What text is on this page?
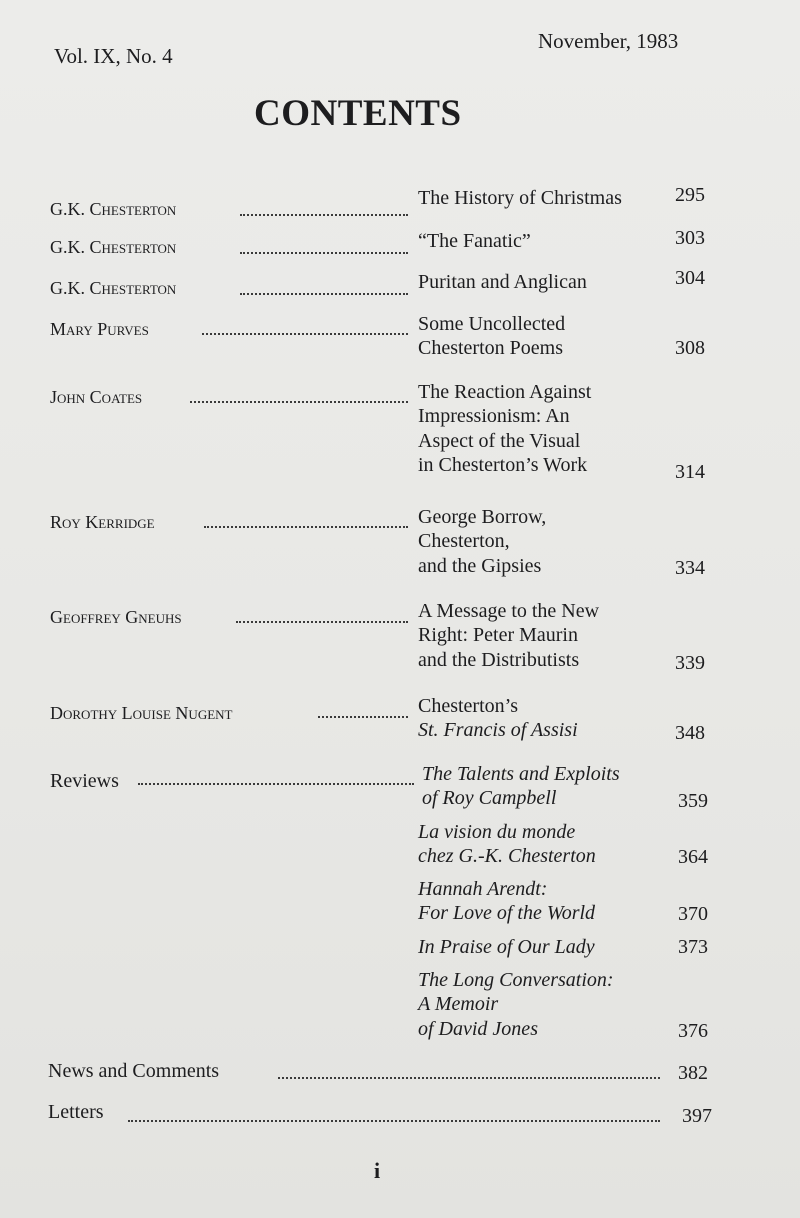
Vol. IX, No. 4
November, 1983
CONTENTS
G.K. Chesterton	The History of Christmas	295
G.K. Chesterton	“The Fanatic”	303
G.K. Chesterton	Puritan and Anglican	304
Mary Purves	Some Uncollected
Chesterton Poems	308
John Coates	The Reaction Against
Impressionism: An
Aspect of the Visual
in Chesterton’s Work	314
Roy Kerridge	George Borrow,
Chesterton,
and the Gipsies	334
Geoffrey Gneuhs	A Message to the New
Right: Peter Maurin
and the Distributists	339
Dorothy Louise Nugent	Chesterton’s
St. Francis of Assisi	348
Reviews	The Talents and Exploits
of Roy Campbell	359
La vision du monde
chez G.-K. Chesterton	364
Hannah Arendt:
For Love of the World	370
In Praise of Our Lady	373
The Long Conversation:
A Memoir
of David Jones	376
News and Comments	382
Letters	397
i
